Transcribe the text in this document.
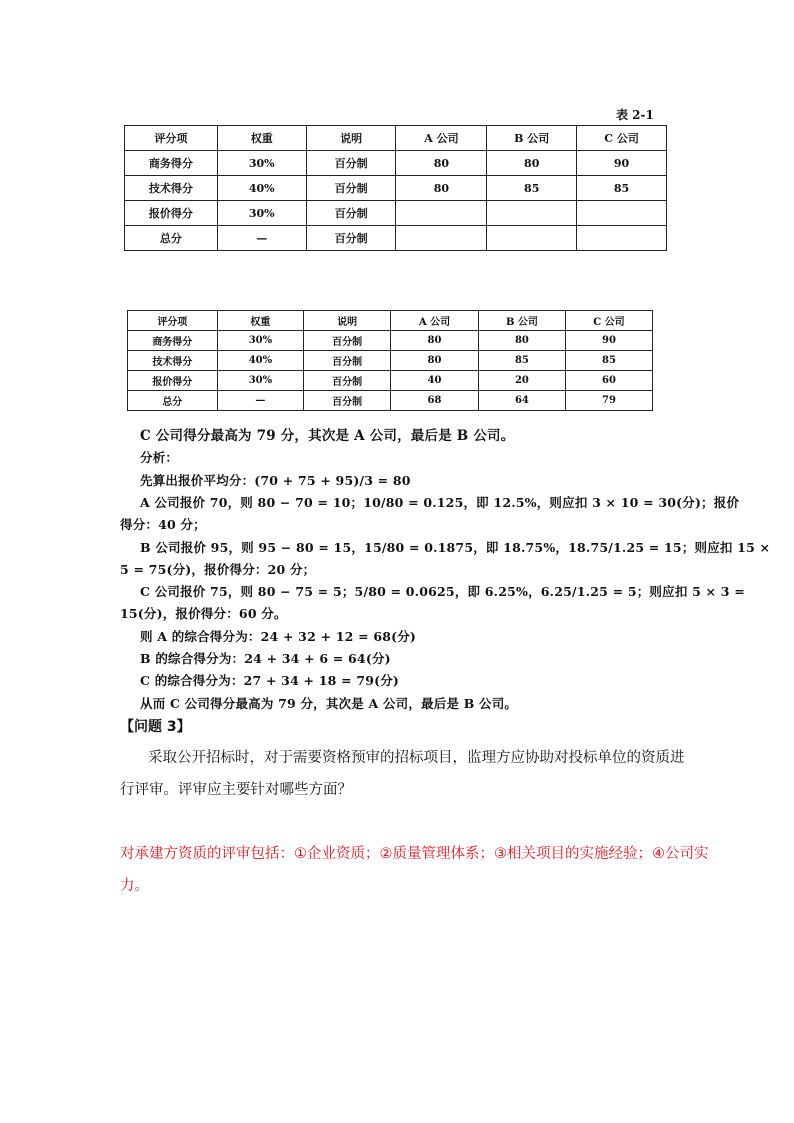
表 2-1
评分项	权重	说明	A 公司	B 公司	C 公司
商务得分	30%	百分制	80	80	90
技术得分	40%	百分制	80	85	85
报价得分	30%	百分制			
总分	—	百分制			
评分项	权重	说明	A 公司	B 公司	C 公司
商务得分	30%	百分制	80	80	90
技术得分	40%	百分制	80	85	85
报价得分	30%	百分制	40	20	60
总分	—	百分制	68	64	79
C 公司得分最高为 79 分，其次是 A 公司，最后是 B 公司。
分析：
先算出报价平均分：(70 + 75 + 95)/3 = 80
A 公司报价 70，则 80 − 70 = 10；10/80 = 0.125，即 12.5%，则应扣 3 × 10 = 30(分)；报价
得分：40 分；
B 公司报价 95，则 95 − 80 = 15，15/80 = 0.1875，即 18.75%，18.75/1.25 = 15；则应扣 15 ×
5 = 75(分)，报价得分：20 分；
C 公司报价 75，则 80 − 75 = 5；5/80 = 0.0625，即 6.25%，6.25/1.25 = 5；则应扣 5 × 3 =
15(分)，报价得分：60 分。
则 A 的综合得分为：24 + 32 + 12 = 68(分)
B 的综合得分为：24 + 34 + 6 = 64(分)
C 的综合得分为：27 + 34 + 18 = 79(分)
从而 C 公司得分最高为 79 分，其次是 A 公司，最后是 B 公司。
【问题 3】
采取公开招标时，对于需要资格预审的招标项目，监理方应协助对投标单位的资质进
行评审。评审应主要针对哪些方面？
对承建方资质的评审包括：①企业资质；②质量管理体系；③相关项目的实施经验；④公司实
力。
